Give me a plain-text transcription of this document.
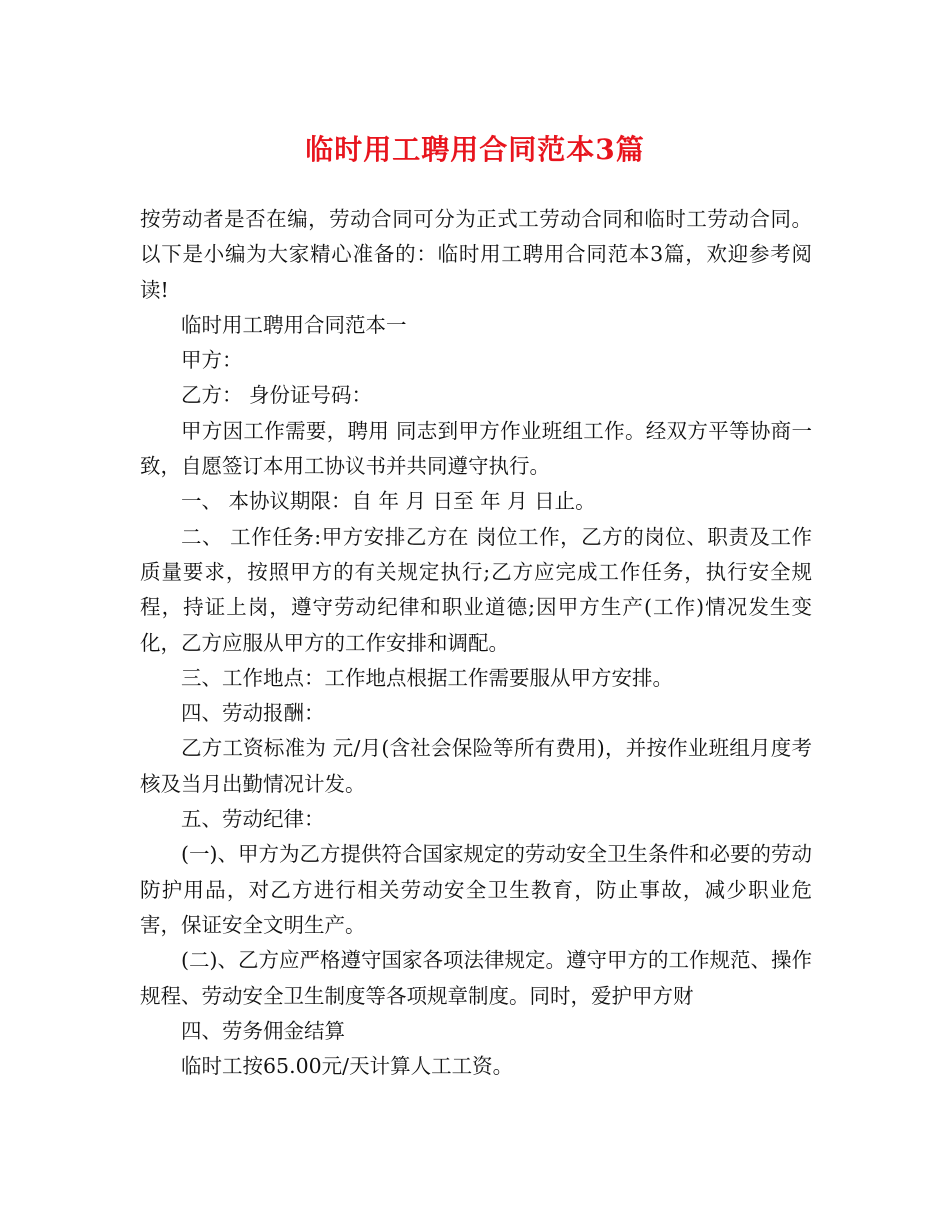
临时用工聘用合同范本3篇

按劳动者是否在编，劳动合同可分为正式工劳动合同和临时工劳动合同。以下是小编为大家精心准备的：临时用工聘用合同范本3篇，欢迎参考阅读!

临时用工聘用合同范本一

甲方：

乙方： 身份证号码：

甲方因工作需要，聘用 同志到甲方作业班组工作。经双方平等协商一致，自愿签订本用工协议书并共同遵守执行。

一、 本协议期限：自 年 月 日至 年 月 日止。

二、 工作任务:甲方安排乙方在 岗位工作，乙方的岗位、职责及工作质量要求，按照甲方的有关规定执行;乙方应完成工作任务，执行安全规程，持证上岗，遵守劳动纪律和职业道德;因甲方生产(工作)情况发生变化，乙方应服从甲方的工作安排和调配。

三、工作地点：工作地点根据工作需要服从甲方安排。

四、劳动报酬：

乙方工资标准为 元/月(含社会保险等所有费用)，并按作业班组月度考核及当月出勤情况计发。

五、劳动纪律：

(一)、甲方为乙方提供符合国家规定的劳动安全卫生条件和必要的劳动防护用品，对乙方进行相关劳动安全卫生教育，防止事故，减少职业危害，保证安全文明生产。

(二)、乙方应严格遵守国家各项法律规定。遵守甲方的工作规范、操作规程、劳动安全卫生制度等各项规章制度。同时，爱护甲方财

四、劳务佣金结算

临时工按65.00元/天计算人工工资。
